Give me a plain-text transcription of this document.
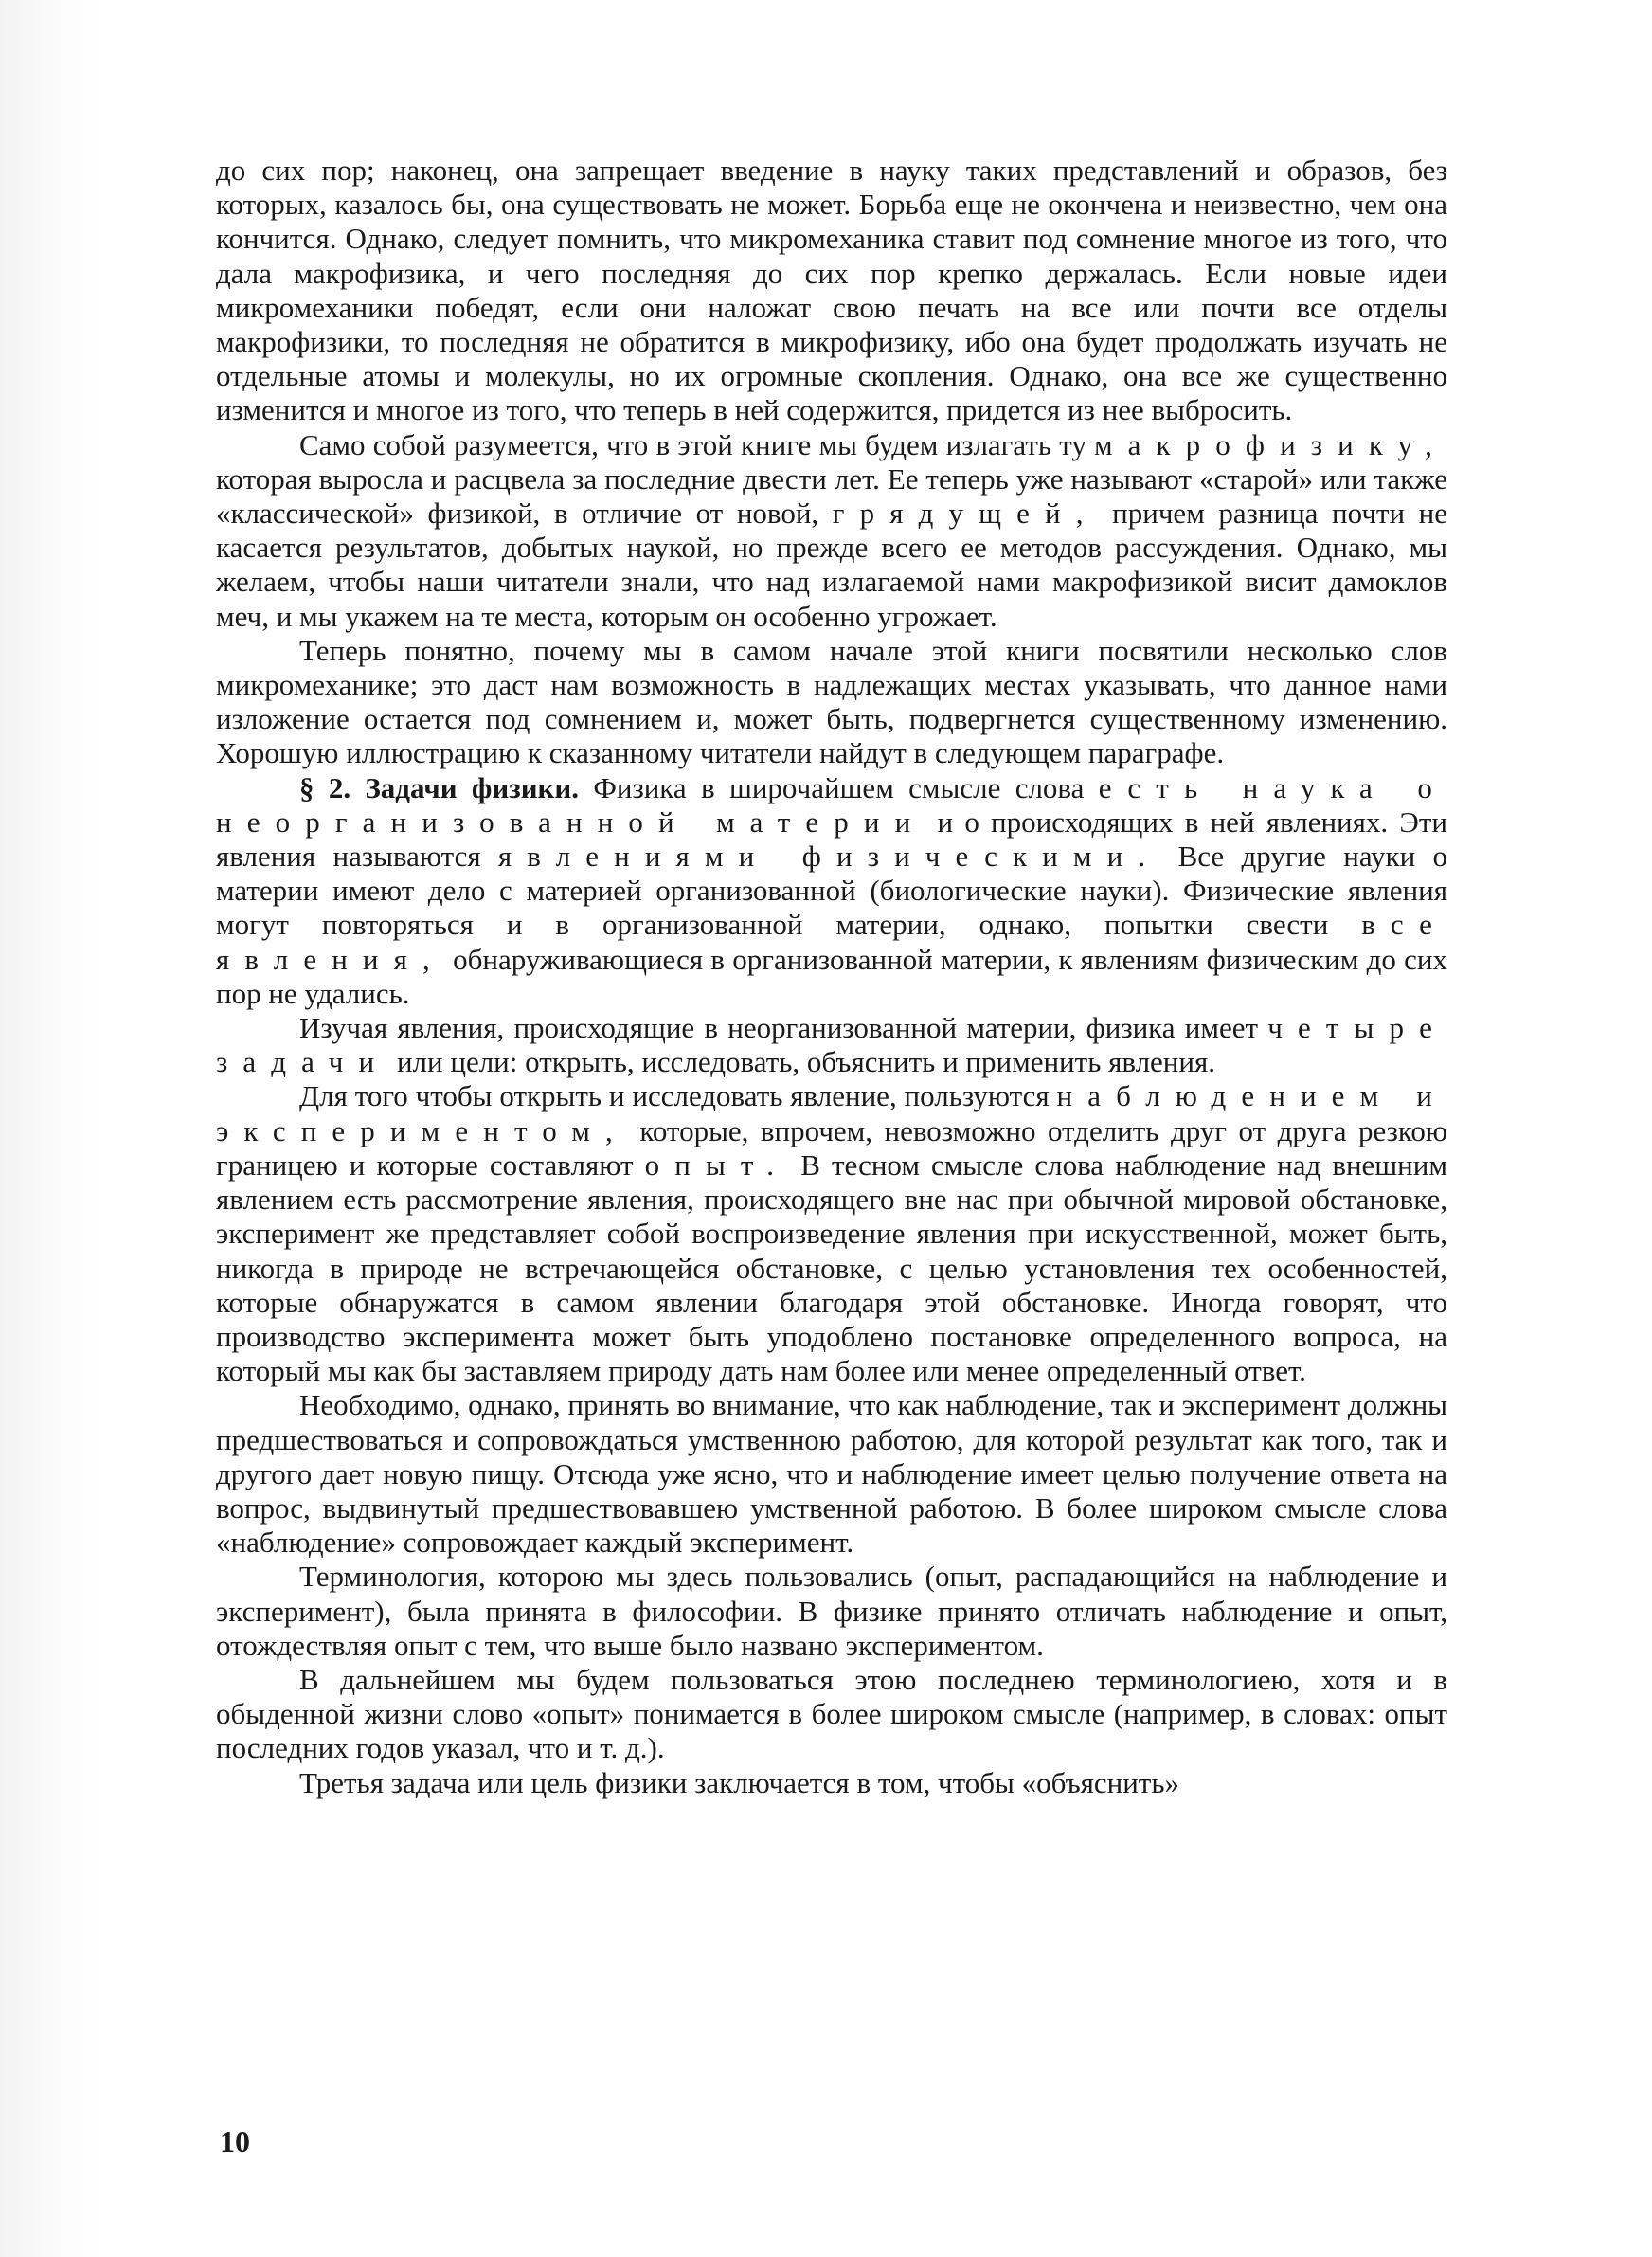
до сих пор; наконец, она запрещает введение в науку таких представлений и образов, без которых, казалось бы, она существовать не может. Борьба еще не окончена и неизвестно, чем она кончится. Однако, следует помнить, что микромеханика ставит под сомнение многое из того, что дала макрофизика, и чего последняя до сих пор крепко держалась. Если новые идеи микромеханики победят, если они наложат свою печать на все или почти все отделы макрофизики, то последняя не обратится в микрофизику, ибо она будет продолжать изучать не отдельные атомы и молекулы, но их огромные скопления. Однако, она все же существенно изменится и многое из того, что теперь в ней содержится, придется из нее выбросить.

Само собой разумеется, что в этой книге мы будем излагать ту макрофизику, которая выросла и расцвела за последние двести лет. Ее теперь уже называют «старой» или также «классической» физикой, в отличие от новой, грядущей, причем разница почти не касается результатов, добытых наукой, но прежде всего ее методов рассуждения. Однако, мы желаем, чтобы наши читатели знали, что над излагаемой нами макрофизикой висит дамоклов меч, и мы укажем на те места, которым он особенно угрожает.

Теперь понятно, почему мы в самом начале этой книги посвятили несколько слов микромеханике; это даст нам возможность в надлежащих местах указывать, что данное нами изложение остается под сомнением и, может быть, подвергнется существенному изменению. Хорошую иллюстрацию к сказанному читатели найдут в следующем параграфе.

§ 2. Задачи физики. Физика в широчайшем смысле слова есть наука о неорганизованной материи и о происходящих в ней явлениях. Эти явления называются явлениями физическими. Все другие науки о материи имеют дело с материей организованной (биологические науки). Физические явления могут повторяться и в организованной материи, однако, попытки свести все явления, обнаруживающиеся в организованной материи, к явлениям физическим до сих пор не удались.

Изучая явления, происходящие в неорганизованной материи, физика имеет четыре задачи или цели: открыть, исследовать, объяснить и применить явления.

Для того чтобы открыть и исследовать явление, пользуются наблюдением и экспериментом, которые, впрочем, невозможно отделить друг от друга резкою границею и которые составляют опыт. В тесном смысле слова наблюдение над внешним явлением есть рассмотрение явления, происходящего вне нас при обычной мировой обстановке, эксперимент же представляет собой воспроизведение явления при искусственной, может быть, никогда в природе не встречающейся обстановке, с целью установления тех особенностей, которые обнаружатся в самом явлении благодаря этой обстановке. Иногда говорят, что производство эксперимента может быть уподоблено постановке определенного вопроса, на который мы как бы заставляем природу дать нам более или менее определенный ответ.

Необходимо, однако, принять во внимание, что как наблюдение, так и эксперимент должны предшествоваться и сопровождаться умственною работою, для которой результат как того, так и другого дает новую пищу. Отсюда уже ясно, что и наблюдение имеет целью получение ответа на вопрос, выдвинутый предшествовавшею умственной работою. В более широком смысле слова «наблюдение» сопровождает каждый эксперимент.

Терминология, которою мы здесь пользовались (опыт, распадающийся на наблюдение и эксперимент), была принята в философии. В физике принято отличать наблюдение и опыт, отождествляя опыт с тем, что выше было названо экспериментом.

В дальнейшем мы будем пользоваться этою последнею терминологиею, хотя и в обыденной жизни слово «опыт» понимается в более широком смысле (например, в словах: опыт последних годов указал, что и т. д.).

Третья задача или цель физики заключается в том, чтобы «объяснить»

10
